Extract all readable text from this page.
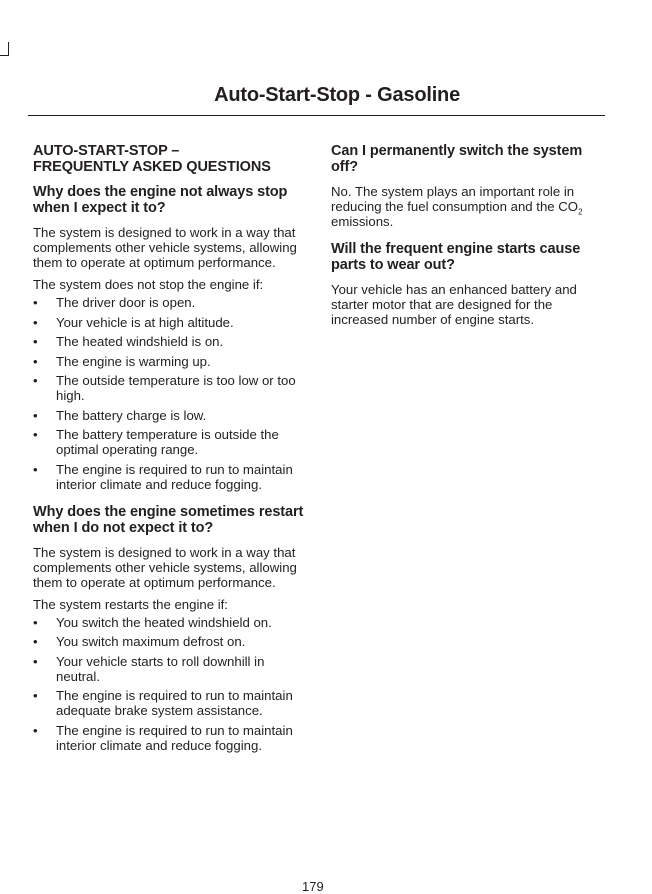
Auto-Start-Stop - Gasoline
AUTO-START-STOP –
FREQUENTLY ASKED QUESTIONS
Why does the engine not always stop when I expect it to?

The system is designed to work in a way that complements other vehicle systems, allowing them to operate at optimum performance.

The system does not stop the engine if:

•	The driver door is open.
•	Your vehicle is at high altitude.
•	The heated windshield is on.
•	The engine is warming up.
•	The outside temperature is too low or too high.
•	The battery charge is low.
•	The battery temperature is outside the optimal operating range.
•	The engine is required to run to maintain interior climate and reduce fogging.
Why does the engine sometimes restart when I do not expect it to?

The system is designed to work in a way that complements other vehicle systems, allowing them to operate at optimum performance.

The system restarts the engine if:

•	You switch the heated windshield on.
•	You switch maximum defrost on.
•	Your vehicle starts to roll downhill in neutral.
•	The engine is required to run to maintain adequate brake system assistance.
•	The engine is required to run to maintain interior climate and reduce fogging.
Can I permanently switch the system off?

No. The system plays an important role in reducing the fuel consumption and the $CO_2$ emissions.

Will the frequent engine starts cause parts to wear out?

Your vehicle has an enhanced battery and starter motor that are designed for the increased number of engine starts.

179
